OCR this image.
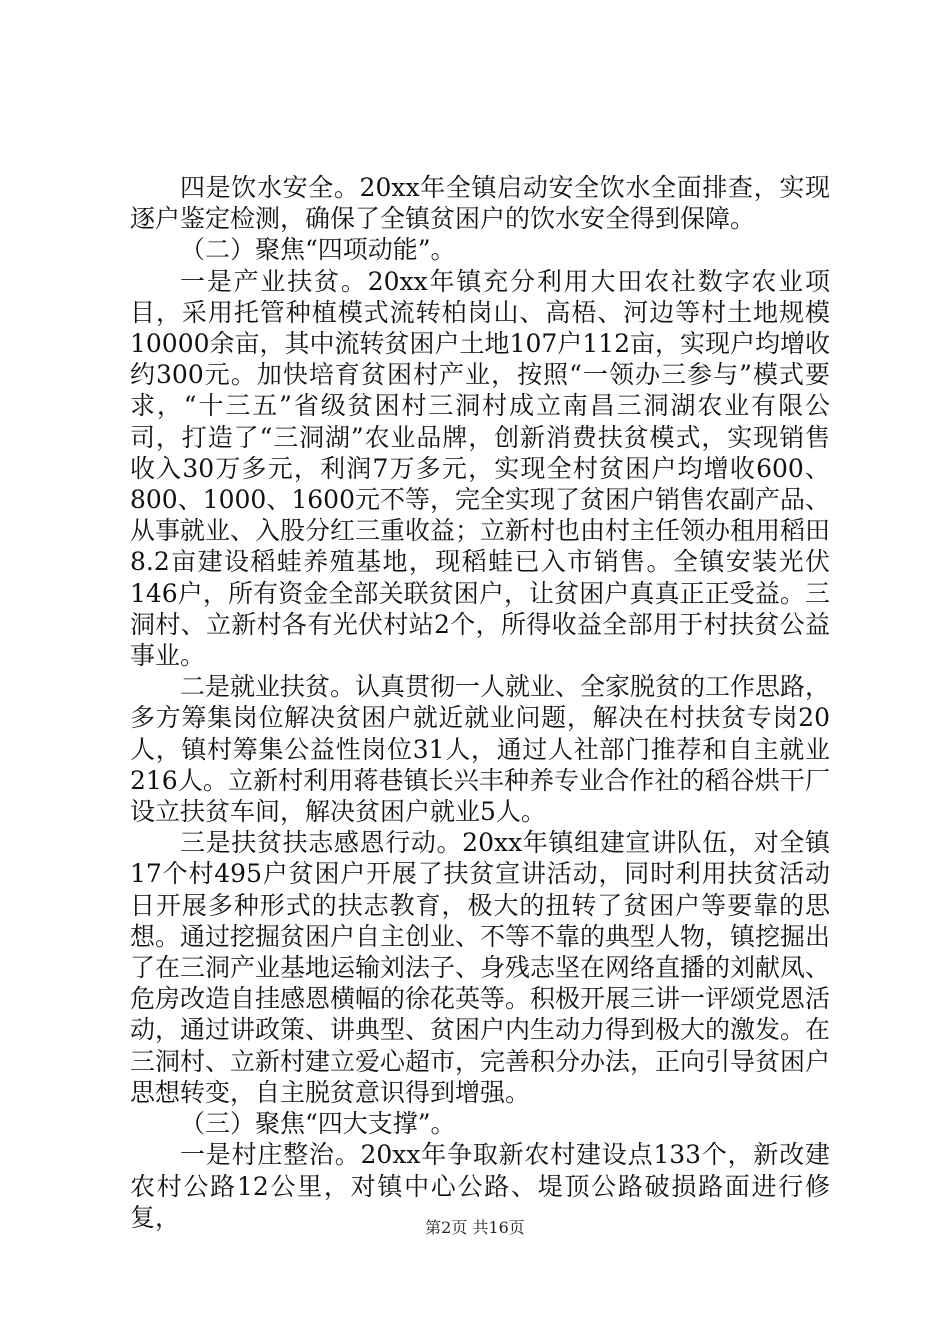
四是饮水安全。20xx年全镇启动安全饮水全面排查，实现逐户鉴定检测，确保了全镇贫困户的饮水安全得到保障。

（二）聚焦“四项动能”。

一是产业扶贫。20xx年镇充分利用大田农社数字农业项目，采用托管种植模式流转柏岗山、高梧、河边等村土地规模10000余亩，其中流转贫困户土地107户112亩，实现户均增收约300元。加快培育贫困村产业，按照“一领办三参与”模式要求，“十三五”省级贫困村三洞村成立南昌三洞湖农业有限公司，打造了“三洞湖”农业品牌，创新消费扶贫模式，实现销售收入30万多元，利润7万多元，实现全村贫困户均增收600、800、1000、1600元不等，完全实现了贫困户销售农副产品、从事就业、入股分红三重收益；立新村也由村主任领办租用稻田8.2亩建设稻蛙养殖基地，现稻蛙已入市销售。全镇安装光伏146户，所有资金全部关联贫困户，让贫困户真真正正受益。三洞村、立新村各有光伏村站2个，所得收益全部用于村扶贫公益事业。

二是就业扶贫。认真贯彻一人就业、全家脱贫的工作思路，多方筹集岗位解决贫困户就近就业问题，解决在村扶贫专岗20人，镇村筹集公益性岗位31人，通过人社部门推荐和自主就业216人。立新村利用蒋巷镇长兴丰种养专业合作社的稻谷烘干厂设立扶贫车间，解决贫困户就业5人。

三是扶贫扶志感恩行动。20xx年镇组建宣讲队伍，对全镇17个村495户贫困户开展了扶贫宣讲活动，同时利用扶贫活动日开展多种形式的扶志教育，极大的扭转了贫困户等要靠的思想。通过挖掘贫困户自主创业、不等不靠的典型人物，镇挖掘出了在三洞产业基地运输刘法子、身残志坚在网络直播的刘献凤、危房改造自挂感恩横幅的徐花英等。积极开展三讲一评颂党恩活动，通过讲政策、讲典型、贫困户内生动力得到极大的激发。在三洞村、立新村建立爱心超市，完善积分办法，正向引导贫困户思想转变，自主脱贫意识得到增强。

（三）聚焦“四大支撑”。

一是村庄整治。20xx年争取新农村建设点133个，新改建农村公路12公里，对镇中心公路、堤顶公路破损路面进行修复，	第2页 共16页
